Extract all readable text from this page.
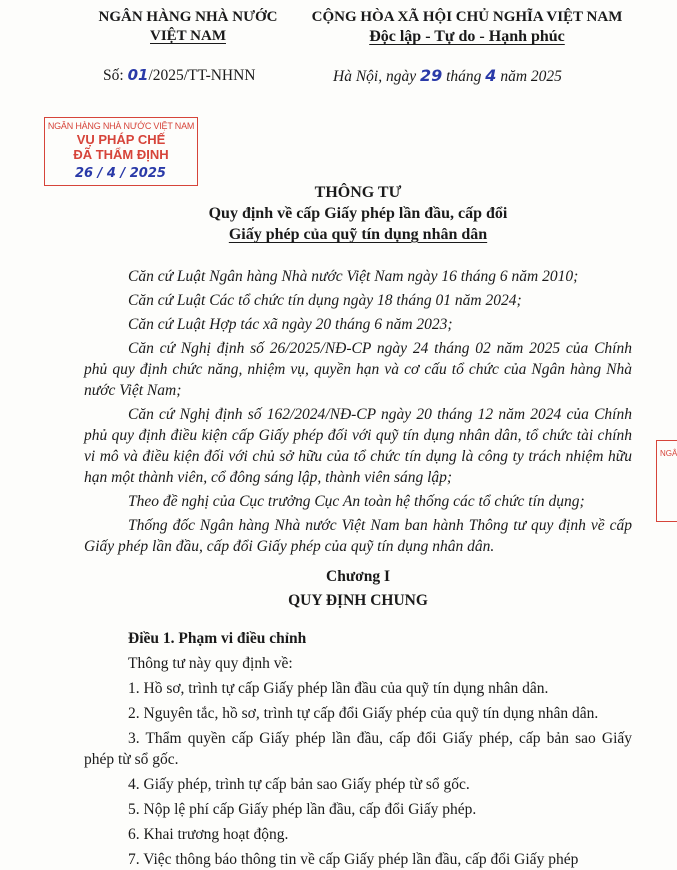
NGÂN HÀNG NHÀ NƯỚC
VIỆT NAM
CỘNG HÒA XÃ HỘI CHỦ NGHĨA VIỆT NAM
Độc lập - Tự do - Hạnh phúc
Số: 01/2025/TT-NHNN	Hà Nội, ngày 29 tháng 4 năm 2025
NGÂN HÀNG NHÀ NƯỚC VIỆT NAM
VỤ PHÁP CHẾ
ĐÃ THẨM ĐỊNH
26 / 4 / 2025
NGÂ
THÔNG TƯ
Quy định về cấp Giấy phép lần đầu, cấp đổi
Giấy phép của quỹ tín dụng nhân dân
Căn cứ Luật Ngân hàng Nhà nước Việt Nam ngày 16 tháng 6 năm 2010;
Căn cứ Luật Các tổ chức tín dụng ngày 18 tháng 01 năm 2024;
Căn cứ Luật Hợp tác xã ngày 20 tháng 6 năm 2023;
Căn cứ Nghị định số 26/2025/NĐ-CP ngày 24 tháng 02 năm 2025 của Chính phủ quy định chức năng, nhiệm vụ, quyền hạn và cơ cấu tổ chức của Ngân hàng Nhà nước Việt Nam;
Căn cứ Nghị định số 162/2024/NĐ-CP ngày 20 tháng 12 năm 2024 của Chính phủ quy định điều kiện cấp Giấy phép đối với quỹ tín dụng nhân dân, tổ chức tài chính vi mô và điều kiện đối với chủ sở hữu của tổ chức tín dụng là công ty trách nhiệm hữu hạn một thành viên, cổ đông sáng lập, thành viên sáng lập;
Theo đề nghị của Cục trưởng Cục An toàn hệ thống các tổ chức tín dụng;
Thống đốc Ngân hàng Nhà nước Việt Nam ban hành Thông tư quy định về cấp Giấy phép lần đầu, cấp đổi Giấy phép của quỹ tín dụng nhân dân.
Chương I
QUY ĐỊNH CHUNG
Điều 1. Phạm vi điều chỉnh
Thông tư này quy định về:
1. Hồ sơ, trình tự cấp Giấy phép lần đầu của quỹ tín dụng nhân dân.
2. Nguyên tắc, hồ sơ, trình tự cấp đổi Giấy phép của quỹ tín dụng nhân dân.
3. Thẩm quyền cấp Giấy phép lần đầu, cấp đổi Giấy phép, cấp bản sao Giấy phép từ sổ gốc.
4. Giấy phép, trình tự cấp bản sao Giấy phép từ sổ gốc.
5. Nộp lệ phí cấp Giấy phép lần đầu, cấp đổi Giấy phép.
6. Khai trương hoạt động.
7. Việc thông báo thông tin về cấp Giấy phép lần đầu, cấp đổi Giấy phép
